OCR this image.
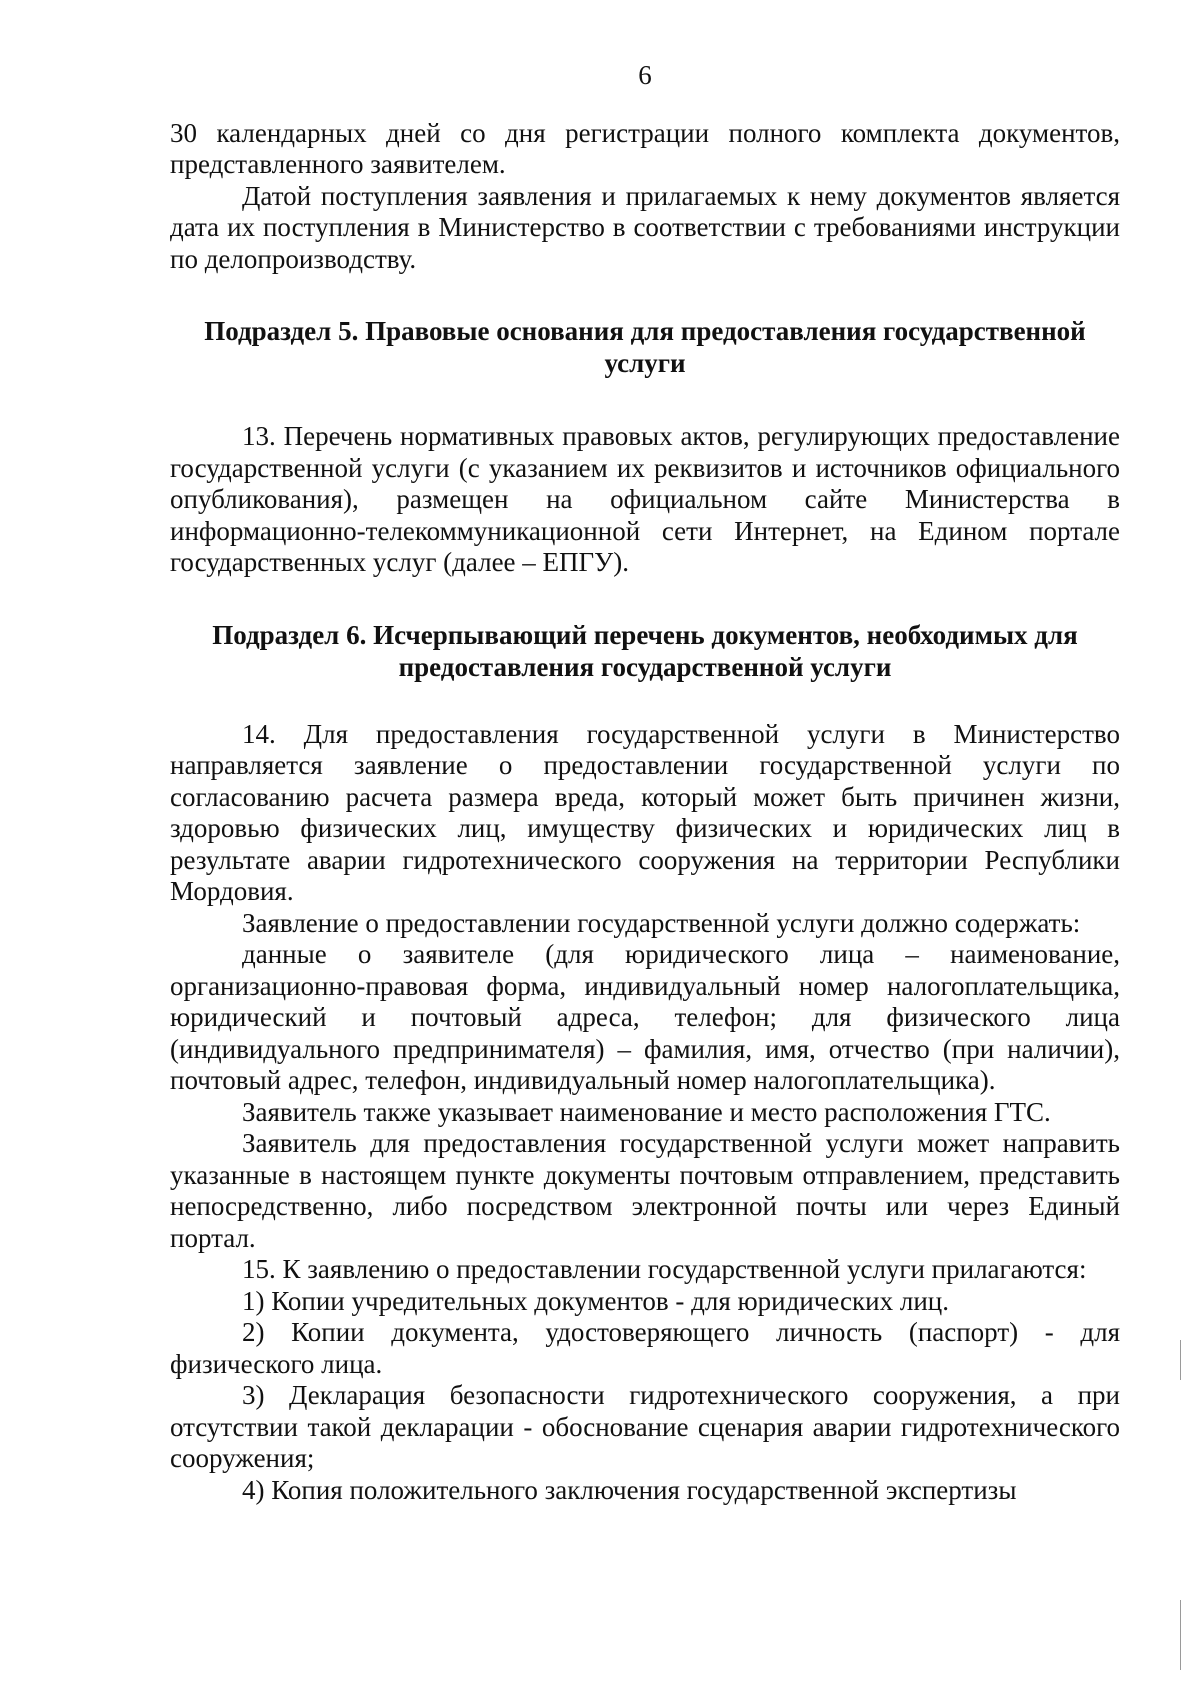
6

30 календарных дней со дня регистрации полного комплекта документов, представленного заявителем.

Датой поступления заявления и прилагаемых к нему документов является дата их поступления в Министерство в соответствии с требованиями инструкции по делопроизводству.

Подраздел 5. Правовые основания для предоставления государственной услуги

13. Перечень нормативных правовых актов, регулирующих предоставление государственной услуги (с указанием их реквизитов и источников официального опубликования), размещен на официальном сайте Министерства в информационно-телекоммуникационной сети Интернет, на Едином портале государственных услуг (далее – ЕПГУ).

Подраздел 6. Исчерпывающий перечень документов, необходимых для предоставления государственной услуги

14. Для предоставления государственной услуги в Министерство направляется заявление о предоставлении государственной услуги по согласованию расчета размера вреда, который может быть причинен жизни, здоровью физических лиц, имуществу физических и юридических лиц в результате аварии гидротехнического сооружения на территории Республики Мордовия.

Заявление о предоставлении государственной услуги должно содержать:

данные о заявителе (для юридического лица – наименование, организационно-правовая форма, индивидуальный номер налогоплательщика, юридический и почтовый адреса, телефон; для физического лица (индивидуального предпринимателя) – фамилия, имя, отчество (при наличии), почтовый адрес, телефон, индивидуальный номер налогоплательщика).

Заявитель также указывает наименование и место расположения ГТС.

Заявитель для предоставления государственной услуги может направить указанные в настоящем пункте документы почтовым отправлением, представить непосредственно, либо посредством электронной почты или через Единый портал.

15. К заявлению о предоставлении государственной услуги прилагаются:

1) Копии учредительных документов - для юридических лиц.

2) Копии документа, удостоверяющего личность (паспорт) - для физического лица.

3) Декларация безопасности гидротехнического сооружения, а при отсутствии такой декларации - обоснование сценария аварии гидротехнического сооружения;

4) Копия положительного заключения государственной экспертизы
